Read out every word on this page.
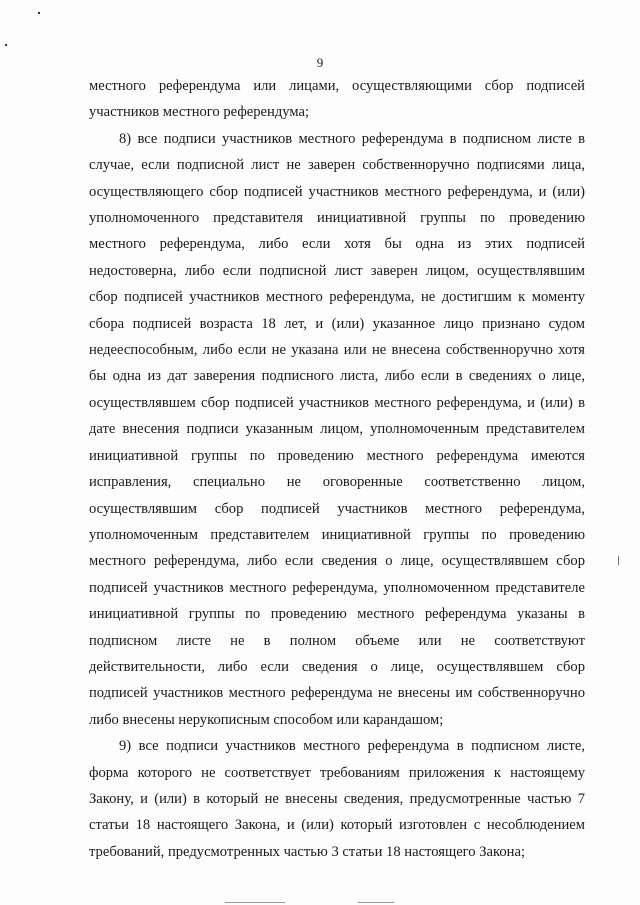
9

местного референдума или лицами, осуществляющими сбор подписей
участников местного референдума;

8) все подписи участников местного референдума в подписном листе в
случае, если подписной лист не заверен собственноручно подписями лица,
осуществляющего сбор подписей участников местного референдума, и (или)
уполномоченного представителя инициативной группы по проведению
местного референдума, либо если хотя бы одна из этих подписей
недостоверна, либо если подписной лист заверен лицом, осуществлявшим
сбор подписей участников местного референдума, не достигшим к моменту
сбора подписей возраста 18 лет, и (или) указанное лицо признано судом
недееспособным, либо если не указана или не внесена собственноручно хотя
бы одна из дат заверения подписного листа, либо если в сведениях о лице,
осуществлявшем сбор подписей участников местного референдума, и (или) в
дате внесения подписи указанным лицом, уполномоченным представителем
инициативной группы по проведению местного референдума имеются
исправления, специально не оговоренные соответственно лицом,
осуществлявшим сбор подписей участников местного референдума,
уполномоченным представителем инициативной группы по проведению
местного референдума, либо если сведения о лице, осуществлявшем сбор
подписей участников местного референдума, уполномоченном представителе
инициативной группы по проведению местного референдума указаны в
подписном листе не в полном объеме или не соответствуют
действительности, либо если сведения о лице, осуществлявшем сбор
подписей участников местного референдума не внесены им собственноручно
либо внесены нерукописным способом или карандашом;

9) все подписи участников местного референдума в подписном листе,
форма которого не соответствует требованиям приложения к настоящему
Закону, и (или) в который не внесены сведения, предусмотренные частью 7
статьи 18 настоящего Закона, и (или) который изготовлен с несоблюдением
требований, предусмотренных частью 3 статьи 18 настоящего Закона;
